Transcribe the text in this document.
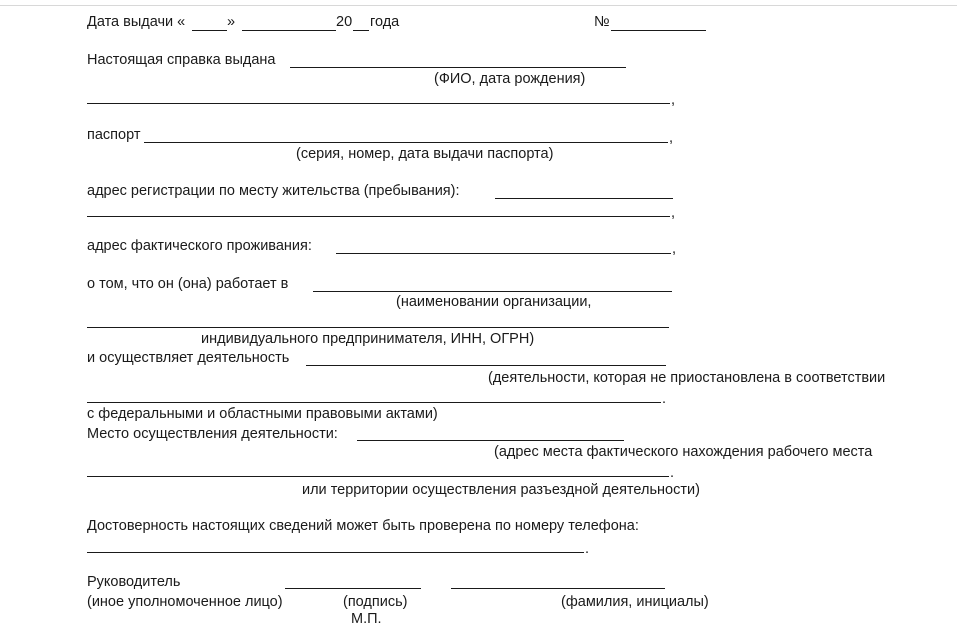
Дата выдачи «	»	20 года	№
Настоящая справка выдана
(ФИО, дата рождения)
,
паспорт	,
(серия, номер, дата выдачи паспорта)
адрес регистрации по месту жительства (пребывания):
,
адрес фактического проживания:	,
о том, что он (она) работает в
(наименовании организации,
индивидуального предпринимателя, ИНН, ОГРН)
и осуществляет деятельность
(деятельности, которая не приостановлена в соответствии
.
с федеральными и областными правовыми актами)
Место осуществления деятельности:
(адрес места фактического нахождения рабочего места
.
или территории осуществления разъездной деятельности)
Достоверность настоящих сведений может быть проверена по номеру телефона:
.
Руководитель
(иное уполномоченное лицо)	(подпись)	(фамилия, инициалы)
М.П.
